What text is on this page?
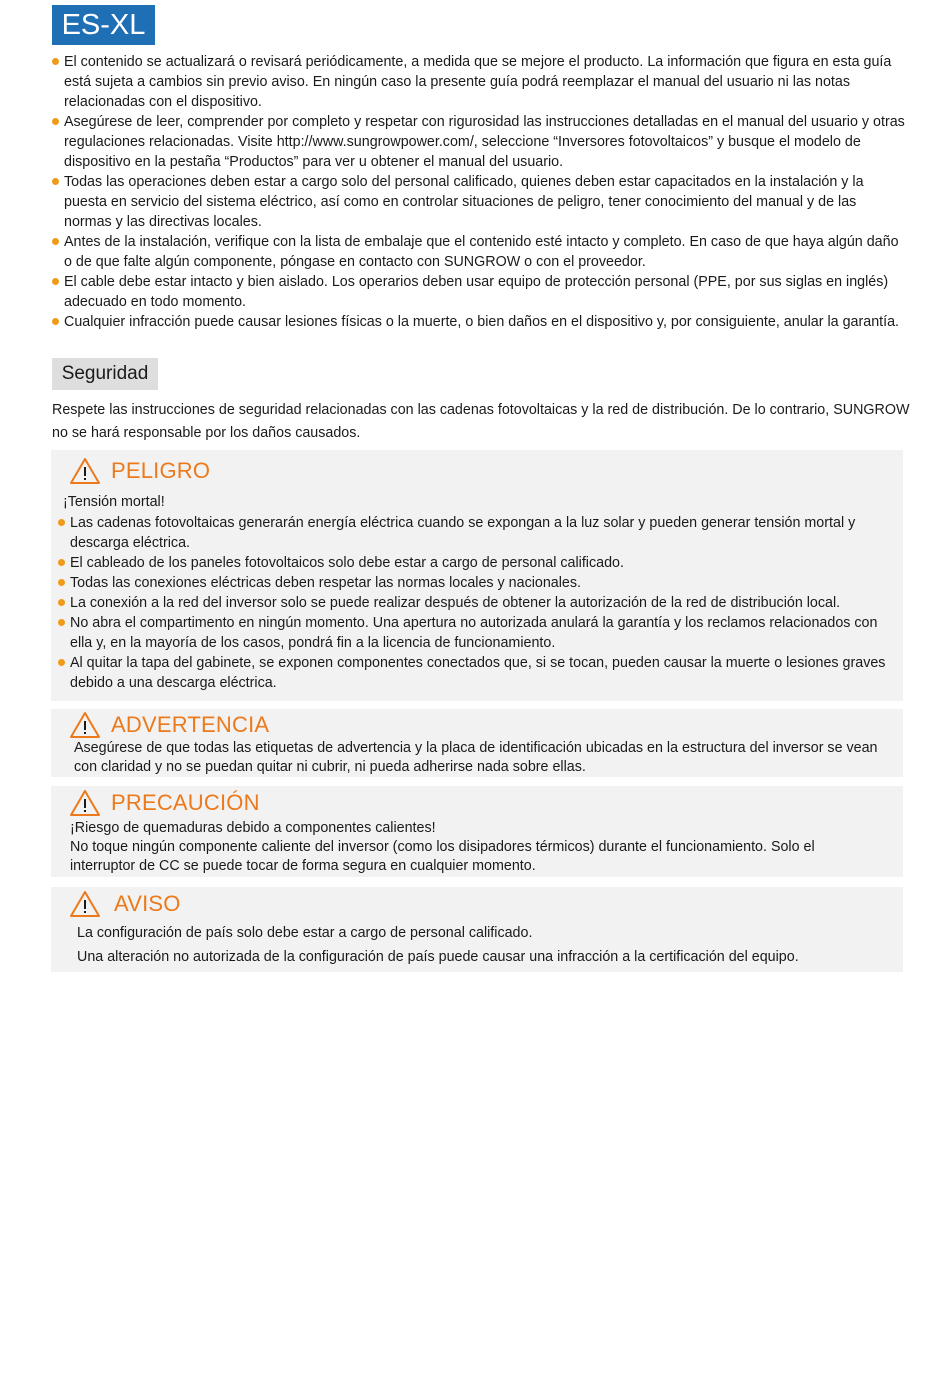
ES-XL
El contenido se actualizará o revisará periódicamente, a medida que se mejore el producto. La información que figura en esta guía está sujeta a cambios sin previo aviso. En ningún caso la presente guía podrá reemplazar el manual del usuario ni las notas relacionadas con el dispositivo.
Asegúrese de leer, comprender por completo y respetar con rigurosidad las instrucciones detalladas en el manual del usuario y otras regulaciones relacionadas. Visite http://www.sungrowpower.com/, seleccione “Inversores fotovoltaicos” y busque el modelo de dispositivo en la pestaña “Productos” para ver u obtener el manual del usuario.
Todas las operaciones deben estar a cargo solo del personal calificado, quienes deben estar capacitados en la instalación y la puesta en servicio del sistema eléctrico, así como en controlar situaciones de peligro, tener conocimiento del manual y de las normas y las directivas locales.
Antes de la instalación, verifique con la lista de embalaje que el contenido esté intacto y completo. En caso de que haya algún daño o de que falte algún componente, póngase en contacto con SUNGROW o con el proveedor.
El cable debe estar intacto y bien aislado. Los operarios deben usar equipo de protección personal (PPE, por sus siglas en inglés) adecuado en todo momento.
Cualquier infracción puede causar lesiones físicas o la muerte, o bien daños en el dispositivo y, por consiguiente, anular la garantía.
Seguridad
Respete las instrucciones de seguridad relacionadas con las cadenas fotovoltaicas y la red de distribución. De lo contrario, SUNGROW no se hará responsable por los daños causados.
PELIGRO
¡Tensión mortal!
Las cadenas fotovoltaicas generarán energía eléctrica cuando se expongan a la luz solar y pueden generar tensión mortal y descarga eléctrica.
El cableado de los paneles fotovoltaicos solo debe estar a cargo de personal calificado.
Todas las conexiones eléctricas deben respetar las normas locales y nacionales.
La conexión a la red del inversor solo se puede realizar después de obtener la autorización de la red de distribución local.
No abra el compartimento en ningún momento. Una apertura no autorizada anulará la garantía y los reclamos relacionados con ella y, en la mayoría de los casos, pondrá fin a la licencia de funcionamiento.
Al quitar la tapa del gabinete, se exponen componentes conectados que, si se tocan, pueden causar la muerte o lesiones graves debido a una descarga eléctrica.
ADVERTENCIA
Asegúrese de que todas las etiquetas de advertencia y la placa de identificación ubicadas en la estructura del inversor se vean con claridad y no se puedan quitar ni cubrir, ni pueda adherirse nada sobre ellas.
PRECAUCIÓN
¡Riesgo de quemaduras debido a componentes calientes!
No toque ningún componente caliente del inversor (como los disipadores térmicos) durante el funcionamiento. Solo el interruptor de CC se puede tocar de forma segura en cualquier momento.
AVISO
La configuración de país solo debe estar a cargo de personal calificado.
Una alteración no autorizada de la configuración de país puede causar una infracción a la certificación del equipo.
